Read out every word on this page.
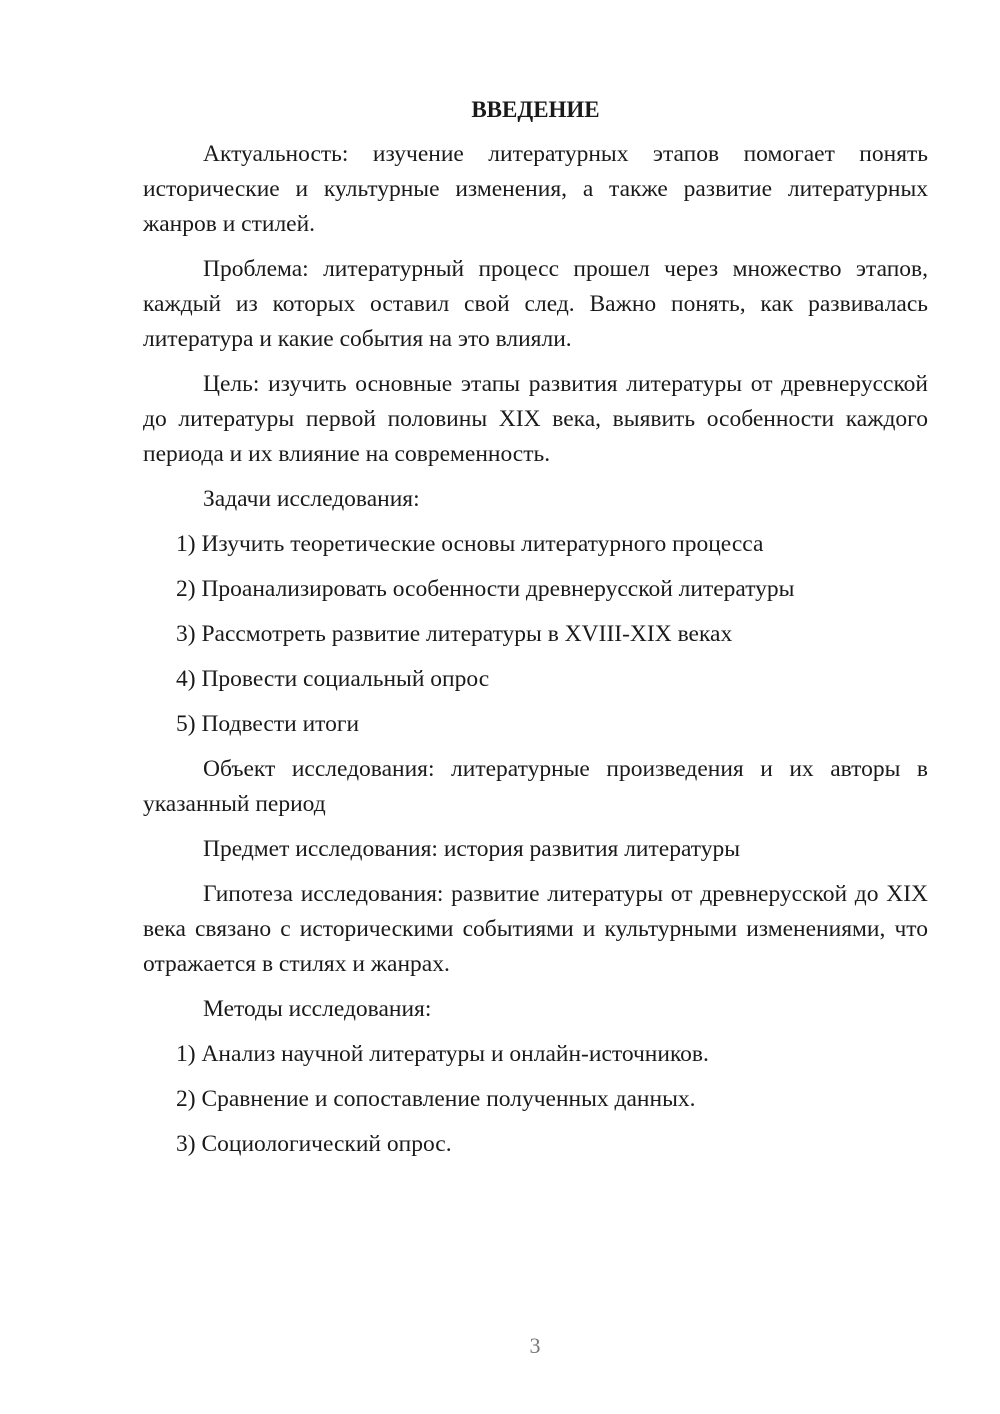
ВВЕДЕНИЕ

Актуальность: изучение литературных этапов помогает понять исторические и культурные изменения, а также развитие литературных жанров и стилей.

Проблема: литературный процесс прошел через множество этапов, каждый из которых оставил свой след. Важно понять, как развивалась литература и какие события на это влияли.

Цель: изучить основные этапы развития литературы от древнерусской до литературы первой половины XIX века, выявить особенности каждого периода и их влияние на современность.

Задачи исследования:

1) Изучить теоретические основы литературного процесса
2) Проанализировать особенности древнерусской литературы
3) Рассмотреть развитие литературы в XVIII-XIX веках
4) Провести социальный опрос
5) Подвести итоги

Объект исследования: литературные произведения и их авторы в указанный период

Предмет исследования: история развития литературы

Гипотеза исследования: развитие литературы от древнерусской до XIX века связано с историческими событиями и культурными изменениями, что отражается в стилях и жанрах.

Методы исследования:

1) Анализ научной литературы и онлайн-источников.
2) Сравнение и сопоставление полученных данных.
3) Социологический опрос.
3
